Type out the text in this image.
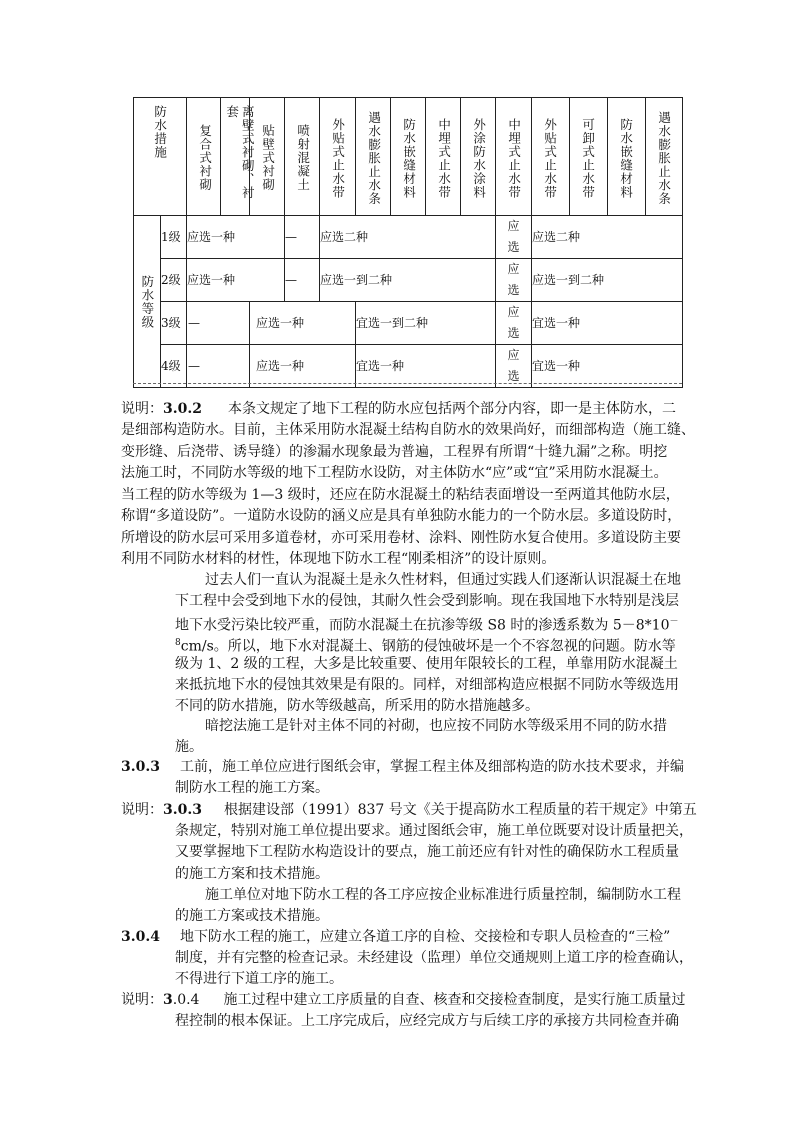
防水措施		复合式衬砌	离壁式衬砌、衬套	贴壁式衬砌	喷射混凝土	外贴式止水带	遇水膨胀止水条	防水嵌缝材料	中埋式止水带	外涂防水涂料	中埋式止水带	外贴式止水带	可卸式止水带	防水嵌缝材料	遇水膨胀止水条

防水等级	1级	应选一种			—	应选二种					应选	应选二种			
	2级	应选一种			—	应选一到二种					应选	应选一到二种			
	3级	—		应选一种			宜选一到二种				应选	宜选一种			
	4级	—		应选一种			宜选一种				应选	宜选一种			
说明：3.0.2 本条文规定了地下工程的防水应包括两个部分内容，即一是主体防水，二
是细部构造防水。目前，主体采用防水混凝土结构自防水的效果尚好，而细部构造（施工缝、
变形缝、后浇带、诱导缝）的渗漏水现象最为普遍，工程界有所谓“十缝九漏”之称。明挖
法施工时，不同防水等级的地下工程防水设防，对主体防水“应”或“宜”采用防水混凝土。
当工程的防水等级为 1—3 级时，还应在防水混凝土的粘结表面增设一至两道其他防水层，
称谓“多道设防”。一道防水设防的涵义应是具有单独防水能力的一个防水层。多道设防时，
所增设的防水层可采用多道卷材，亦可采用卷材、涂料、刚性防水复合使用。多道设防主要
利用不同防水材料的材性，体现地下防水工程“刚柔相济”的设计原则。
过去人们一直认为混凝土是永久性材料，但通过实践人们逐渐认识混凝土在地
下工程中会受到地下水的侵蚀，其耐久性会受到影响。现在我国地下水特别是浅层
地下水受污染比较严重，而防水混凝土在抗渗等级 S8 时的渗透系数为 5－8*10－
$^8$cm/s。所以，地下水对混凝土、钢筋的侵蚀破坏是一个不容忽视的问题。防水等
级为 1、2 级的工程，大多是比较重要、使用年限较长的工程，单靠用防水混凝土
来抵抗地下水的侵蚀其效果是有限的。同样，对细部构造应根据不同防水等级选用
不同的防水措施，防水等级越高，所采用的防水措施越多。
暗挖法施工是针对主体不同的衬砌，也应按不同防水等级采用不同的防水措
施。
3.0.3 工前，施工单位应进行图纸会审，掌握工程主体及细部构造的防水技术要求，并编
制防水工程的施工方案。
说明：3.0.3 根据建设部（1991）837 号文《关于提高防水工程质量的若干规定》中第五
条规定，特别对施工单位提出要求。通过图纸会审，施工单位既要对设计质量把关，
又要掌握地下工程防水构造设计的要点，施工前还应有针对性的确保防水工程质量
的施工方案和技术措施。
施工单位对地下防水工程的各工序应按企业标准进行质量控制，编制防水工程
的施工方案或技术措施。
3.0.4 地下防水工程的施工，应建立各道工序的自检、交接检和专职人员检查的“三检”
制度，并有完整的检查记录。未经建设（监理）单位交通规则上道工序的检查确认，
不得进行下道工序的施工。
说明：3.0.4 施工过程中建立工序质量的自查、核查和交接检查制度，是实行施工质量过
程控制的根本保证。上工序完成后，应经完成方与后续工序的承接方共同检查并确
